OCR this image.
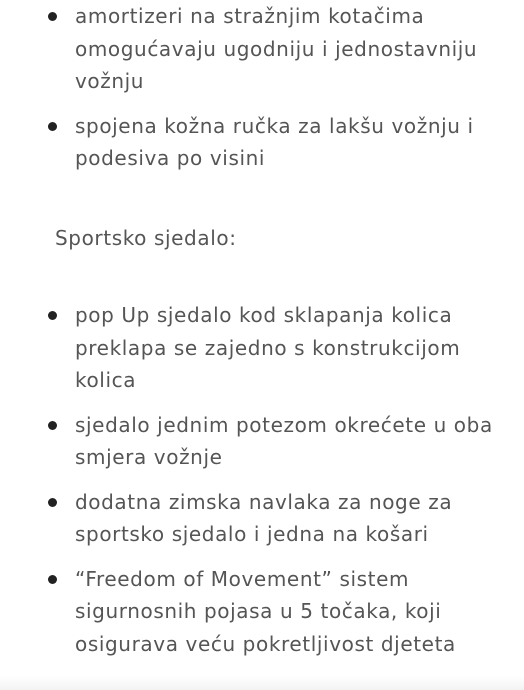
amortizeri na stražnjim kotačima omogućavaju ugodniju i jednostavniju vožnju
spojena kožna ručka za lakšu vožnju i podesiva po visini

Sportsko sjedalo:

pop Up sjedalo kod sklapanja kolica preklapa se zajedno s konstrukcijom kolica
sjedalo jednim potezom okrećete u oba smjera vožnje
dodatna zimska navlaka za noge za sportsko sjedalo i jedna na košari
“Freedom of Movement” sistem sigurnosnih pojasa u 5 točaka, koji osigurava veću pokretljivost djeteta
